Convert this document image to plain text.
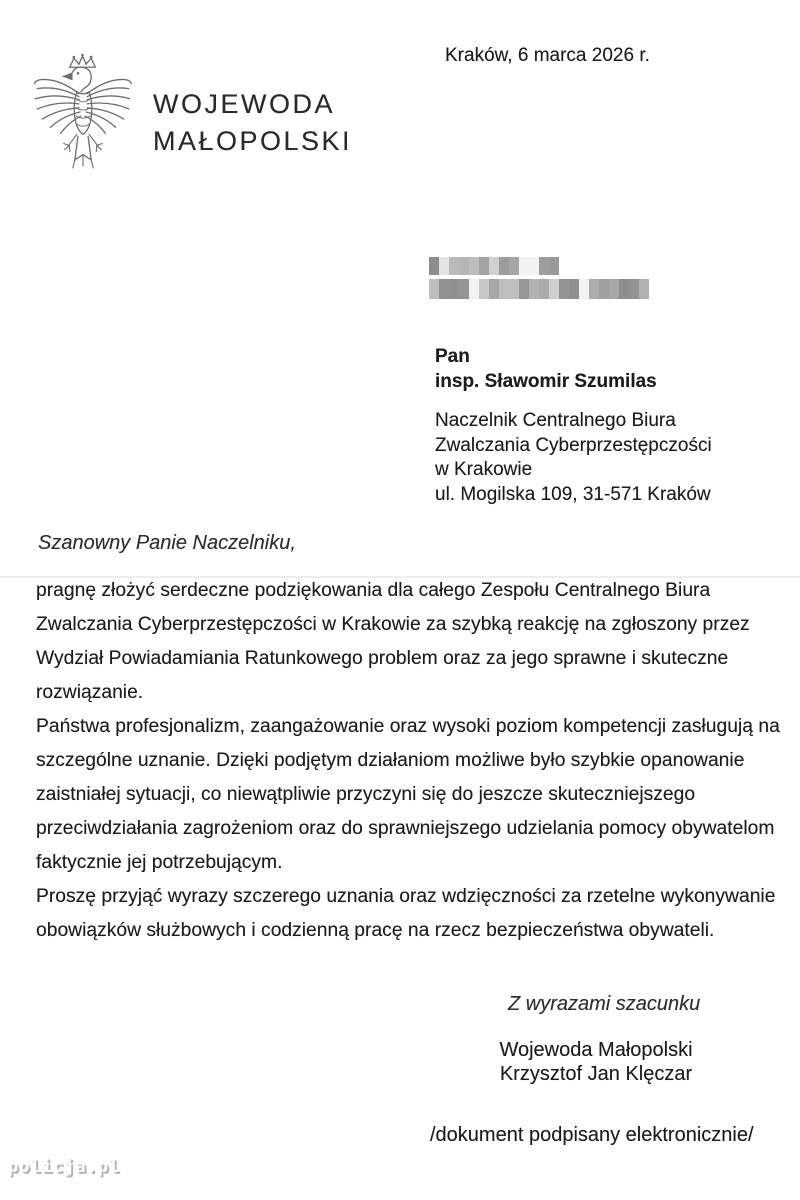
WOJEWODA
MAŁOPOLSKI
Kraków, 6 marca 2026 r.
Pan
insp. Sławomir Szumilas
Naczelnik Centralnego Biura
Zwalczania Cyberprzestępczości
w Krakowie
ul. Mogilska 109, 31-571 Kraków
Szanowny Panie Naczelniku,

pragnę złożyć serdeczne podziękowania dla całego Zespołu Centralnego Biura Zwalczania Cyberprzestępczości w Krakowie za szybką reakcję na zgłoszony przez Wydział Powiadamiania Ratunkowego problem oraz za jego sprawne i skuteczne rozwiązanie.

Państwa profesjonalizm, zaangażowanie oraz wysoki poziom kompetencji zasługują na szczególne uznanie. Dzięki podjętym działaniom możliwe było szybkie opanowanie zaistniałej sytuacji, co niewątpliwie przyczyni się do jeszcze skuteczniejszego przeciwdziałania zagrożeniom oraz do sprawniejszego udzielania pomocy obywatelom faktycznie jej potrzebującym.

Proszę przyjąć wyrazy szczerego uznania oraz wdzięczności za rzetelne wykonywanie obowiązków służbowych i codzienną pracę na rzecz bezpieczeństwa obywateli.

Z wyrazami szacunku
Wojewoda Małopolski
Krzysztof Jan Klęczar
/dokument podpisany elektronicznie/
policja.pl
